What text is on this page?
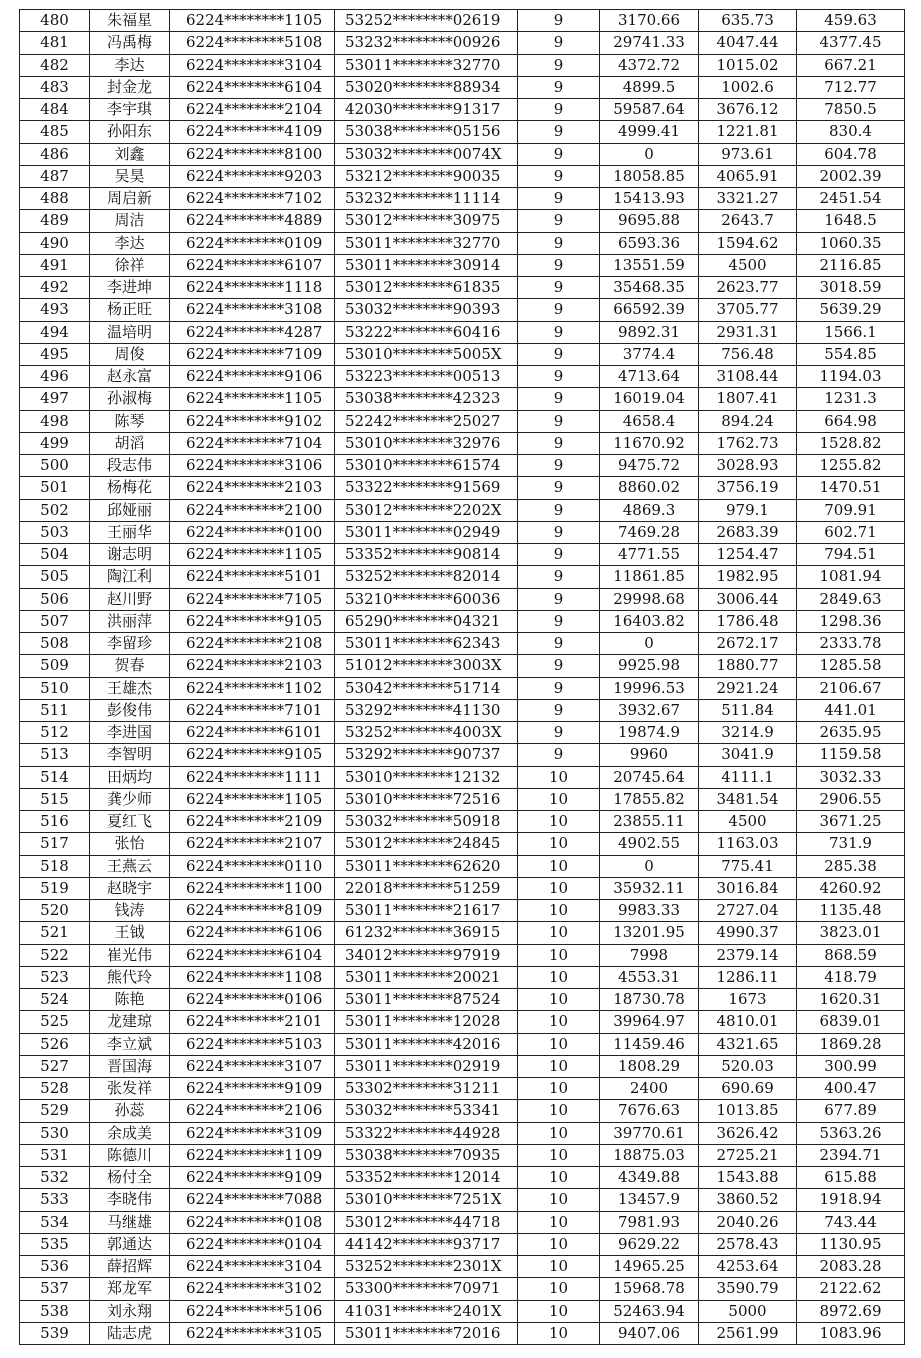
480	朱福星	6224********1105	53252********02619	9	3170.66	635.73	459.63
481	冯禹梅	6224********5108	53232********00926	9	29741.33	4047.44	4377.45
482	李达	6224********3104	53011********32770	9	4372.72	1015.02	667.21
483	封金龙	6224********6104	53020********88934	9	4899.5	1002.6	712.77
484	李宇琪	6224********2104	42030********91317	9	59587.64	3676.12	7850.5
485	孙阳东	6224********4109	53038********05156	9	4999.41	1221.81	830.4
486	刘鑫	6224********8100	53032********0074X	9	0	973.61	604.78
487	吴昊	6224********9203	53212********90035	9	18058.85	4065.91	2002.39
488	周启新	6224********7102	53232********11114	9	15413.93	3321.27	2451.54
489	周洁	6224********4889	53012********30975	9	9695.88	2643.7	1648.5
490	李达	6224********0109	53011********32770	9	6593.36	1594.62	1060.35
491	徐祥	6224********6107	53011********30914	9	13551.59	4500	2116.85
492	李进坤	6224********1118	53012********61835	9	35468.35	2623.77	3018.59
493	杨正旺	6224********3108	53032********90393	9	66592.39	3705.77	5639.29
494	温培明	6224********4287	53222********60416	9	9892.31	2931.31	1566.1
495	周俊	6224********7109	53010********5005X	9	3774.4	756.48	554.85
496	赵永富	6224********9106	53223********00513	9	4713.64	3108.44	1194.03
497	孙淑梅	6224********1105	53038********42323	9	16019.04	1807.41	1231.3
498	陈琴	6224********9102	52242********25027	9	4658.4	894.24	664.98
499	胡滔	6224********7104	53010********32976	9	11670.92	1762.73	1528.82
500	段志伟	6224********3106	53010********61574	9	9475.72	3028.93	1255.82
501	杨梅花	6224********2103	53322********91569	9	8860.02	3756.19	1470.51
502	邱娅丽	6224********2100	53012********2202X	9	4869.3	979.1	709.91
503	王丽华	6224********0100	53011********02949	9	7469.28	2683.39	602.71
504	谢志明	6224********1105	53352********90814	9	4771.55	1254.47	794.51
505	陶江利	6224********5101	53252********82014	9	11861.85	1982.95	1081.94
506	赵川野	6224********7105	53210********60036	9	29998.68	3006.44	2849.63
507	洪丽萍	6224********9105	65290********04321	9	16403.82	1786.48	1298.36
508	李留珍	6224********2108	53011********62343	9	0	2672.17	2333.78
509	贺春	6224********2103	51012********3003X	9	9925.98	1880.77	1285.58
510	王雄杰	6224********1102	53042********51714	9	19996.53	2921.24	2106.67
511	彭俊伟	6224********7101	53292********41130	9	3932.67	511.84	441.01
512	李进国	6224********6101	53252********4003X	9	19874.9	3214.9	2635.95
513	李智明	6224********9105	53292********90737	9	9960	3041.9	1159.58
514	田炳均	6224********1111	53010********12132	10	20745.64	4111.1	3032.33
515	龚少师	6224********1105	53010********72516	10	17855.82	3481.54	2906.55
516	夏红飞	6224********2109	53032********50918	10	23855.11	4500	3671.25
517	张怡	6224********2107	53012********24845	10	4902.55	1163.03	731.9
518	王燕云	6224********0110	53011********62620	10	0	775.41	285.38
519	赵晓宇	6224********1100	22018********51259	10	35932.11	3016.84	4260.92
520	钱涛	6224********8109	53011********21617	10	9983.33	2727.04	1135.48
521	王钺	6224********6106	61232********36915	10	13201.95	4990.37	3823.01
522	崔光伟	6224********6104	34012********97919	10	7998	2379.14	868.59
523	熊代玲	6224********1108	53011********20021	10	4553.31	1286.11	418.79
524	陈艳	6224********0106	53011********87524	10	18730.78	1673	1620.31
525	龙建琼	6224********2101	53011********12028	10	39964.97	4810.01	6839.01
526	李立斌	6224********5103	53011********42016	10	11459.46	4321.65	1869.28
527	晋国海	6224********3107	53011********02919	10	1808.29	520.03	300.99
528	张发祥	6224********9109	53302********31211	10	2400	690.69	400.47
529	孙蕊	6224********2106	53032********53341	10	7676.63	1013.85	677.89
530	余成美	6224********3109	53322********44928	10	39770.61	3626.42	5363.26
531	陈德川	6224********1109	53038********70935	10	18875.03	2725.21	2394.71
532	杨付全	6224********9109	53352********12014	10	4349.88	1543.88	615.88
533	李晓伟	6224********7088	53010********7251X	10	13457.9	3860.52	1918.94
534	马继雄	6224********0108	53012********44718	10	7981.93	2040.26	743.44
535	郭通达	6224********0104	44142********93717	10	9629.22	2578.43	1130.95
536	薛招辉	6224********3104	53252********2301X	10	14965.25	4253.64	2083.28
537	郑龙军	6224********3102	53300********70971	10	15968.78	3590.79	2122.62
538	刘永翔	6224********5106	41031********2401X	10	52463.94	5000	8972.69
539	陆志虎	6224********3105	53011********72016	10	9407.06	2561.99	1083.96
